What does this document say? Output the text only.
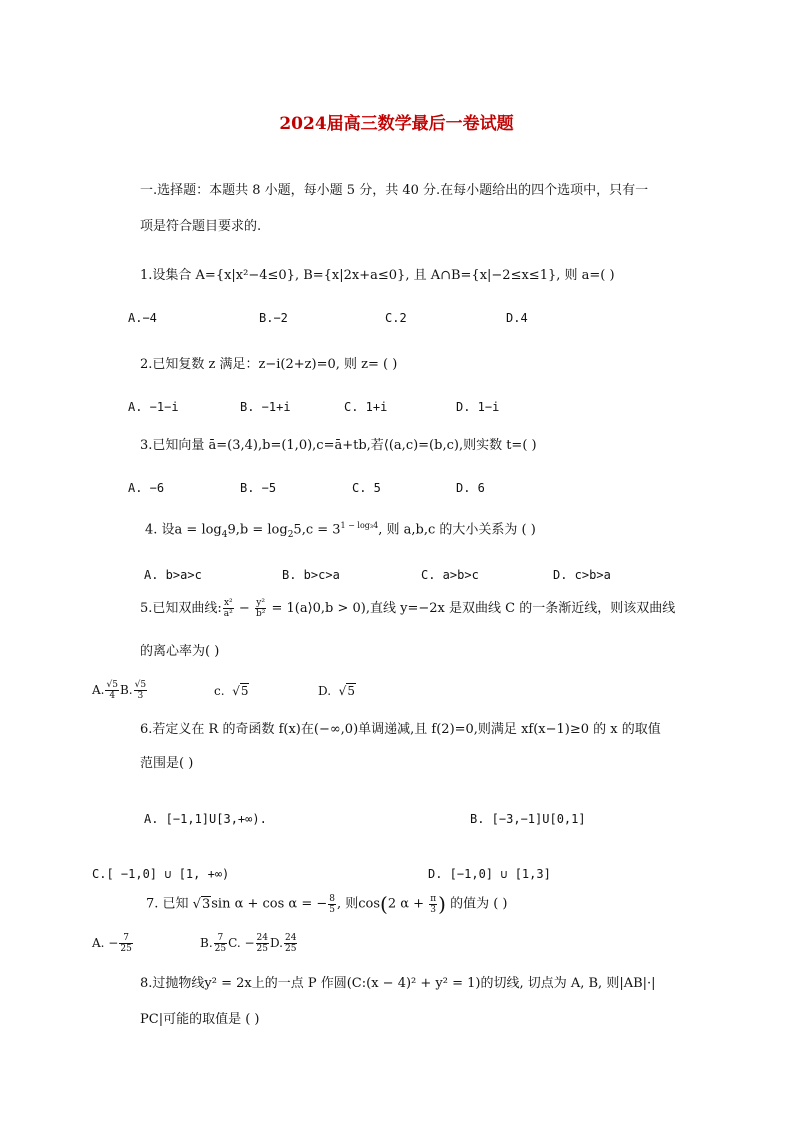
2024届高三数学最后一卷试题
一.选择题：本题共 8 小题，每小题 5 分，共 40 分.在每小题给出的四个选项中，只有一
项是符合题目要求的.
1.设集合 A={x|x²−4≤0}, B={x|2x+a≤0}, 且 A∩B={x|−2≤x≤1}, 则 a=( )
A.−4	B.−2	C.2	D.4
2.已知复数 z 满足：z−i(2+z)=0, 则 z= ( )
A. −1−i	B. −1+i	C. 1+i	D. 1−i
3.已知向量 ā=(3,4),b=(1,0),c=ā+tb,若⟨(a,c)=(b,c),则实数 t=( )
A. −6	B. −5	C. 5	D. 6
4. 设$a = \log_49,b = \log_25,c = 3^{1 - log_34}$, 则 a,b,c 的大小关系为 ( )
A. b>a>c	B. b>c>a	C. a>b>c	D. c>b>a
5.已知双曲线: $\frac{\text{x²}}{\text{a²}} - \frac{\text{y²}}{\text{b²}}$ = 1(a⟩0,b > 0),直线 y=−2x 是双曲线 C 的一条渐近线，则该双曲线
的离心率为( )
A. $\frac{√5}{4} B$. $\frac{√5}{3}$	c. √5	D. √5
6.若定义在 R 的奇函数 f(x)在(−∞,0)单调递减,且 f(2)=0,则满足 xf(x−1)≥0 的 x 的取值
范围是( )
A. [−1,1]U[3,+∞).	B. [−3,−1]U[0,1]
C.[ −1,0] ∪ [1, +∞)	D. [−1,0] ∪ [1,3]
7. 已知 √3sin α + cos α = − $\frac{8}{5}$ , 则cos(2 $\alpha + \frac{\pi}{3}$ ) 的值为 ( )
A. − $\frac{7}{25}$	B. $\frac{7}{25} C$. − $\frac{24}{25} D$. $\frac{24}{25}$
8.过抛物线y² = 2x上的一点 P 作圆(C:(x − 4)² + y² = 1)的切线, 切点为 A, B, 则|AB|·|
PC|可能的取值是 ( )
